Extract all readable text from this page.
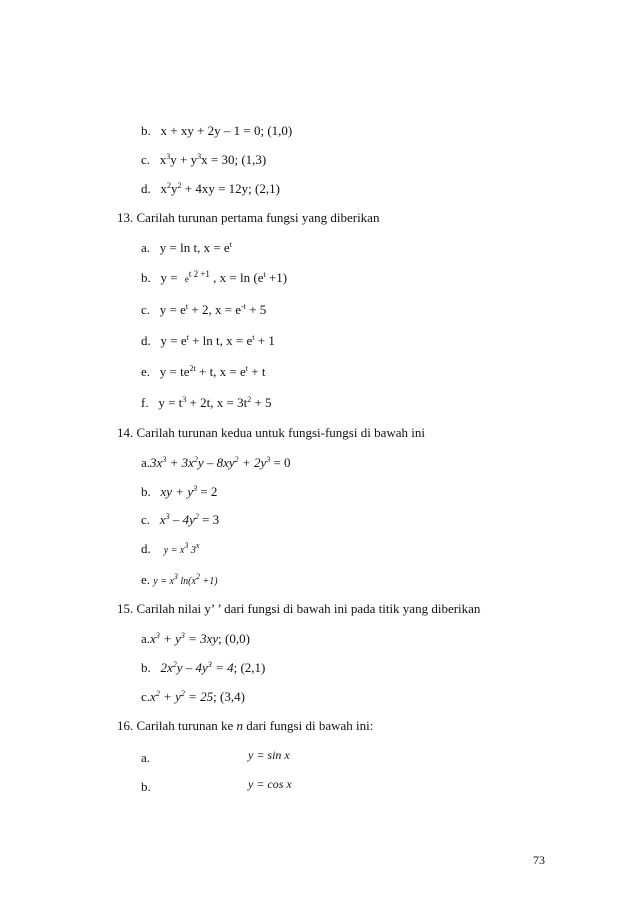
b. x + xy + 2y – 1 = 0; (1,0)
c. $x^3y + y^3x = 30$; (1,3)
d. $x^2y^2 + 4xy = 12y$; (2,1)
13. Carilah turunan pertama fungsi yang diberikan
a. y = ln t, $x = e^t$
b. $y = e^{t 2 +1}$ , $x = \ln (e^t +1)$
c. $y = e^t + 2$, $x = e^{-t} + 5$
d. $y = e^t + \ln t$, $x = e^t + 1$
e. $y = te^{2t} + t$, $x = e^t + t$
f. $y = t^3 + 2t$, $x = 3t^2 + 5$
14. Carilah turunan kedua untuk fungsi-fungsi di bawah ini
$a.3x^3 + 3x^2y - 8xy^2 + 2y^3 = 0$
b. xy + $y^3 = 2$
c. $x^3 - 4y^2 = 3$
d. $y = x^3$ 3$^x$
e. $y = x^3$ $\ln(x^2 +1)$
15. Carilah nilai y’ ’ dari fungsi di bawah ini pada titik yang diberikan
$a.x^3 + y^3 = 3xy$; (0,0)
b. $2x^2y - 4y^3 = 4$; (2,1)
$c.x^2 + y^2 = 25$; (3,4)
16. Carilah turunan ke n dari fungsi di bawah ini:
a.	y = sin x
b.	y = cos x
73
